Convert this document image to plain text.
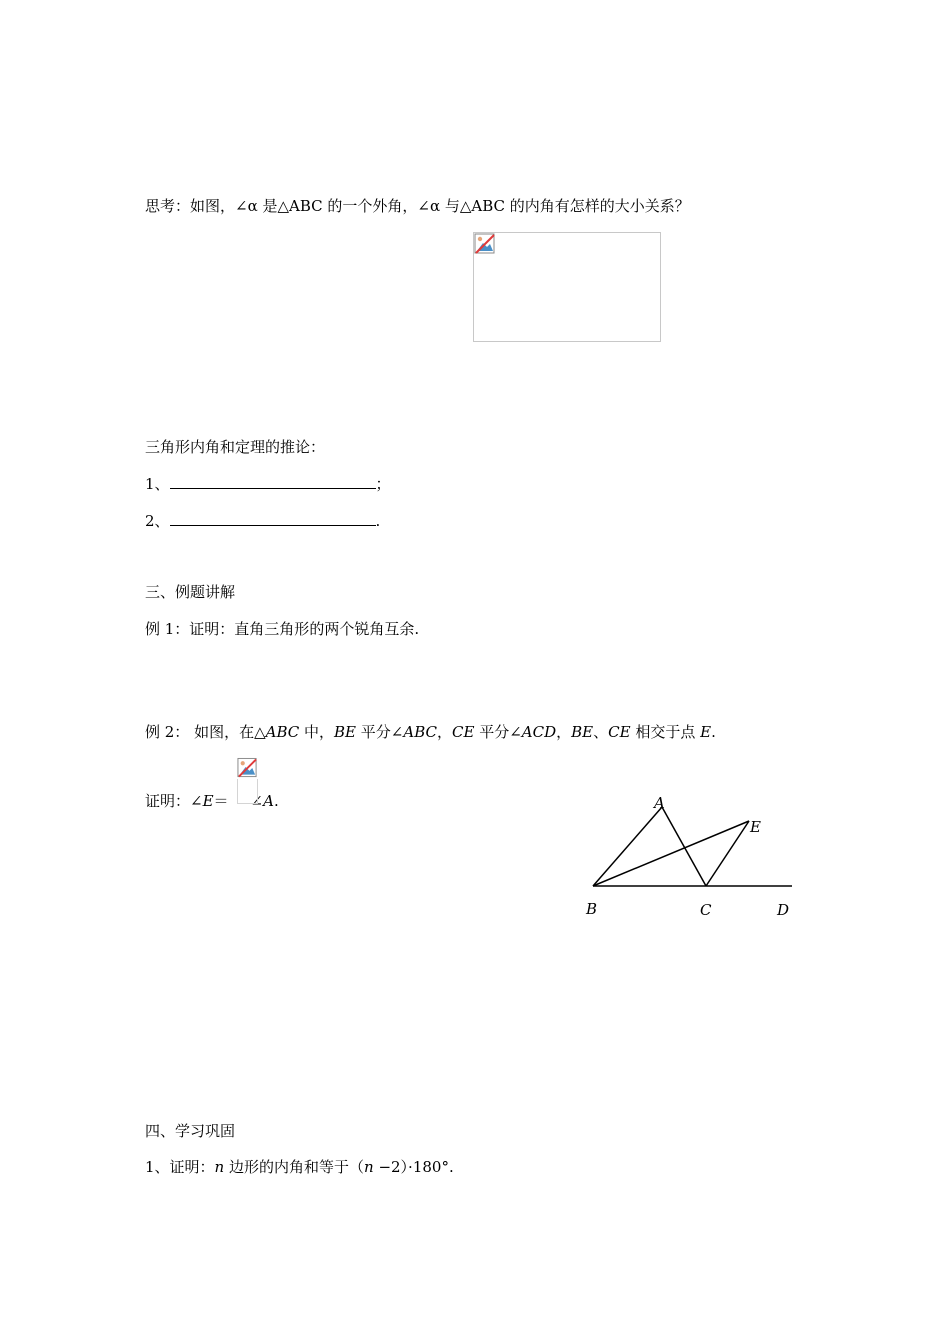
思考：如图，∠α 是△ABC 的一个外角，∠α 与△ABC 的内角有怎样的大小关系？
三角形内角和定理的推论：
1、	；
2、	.
三、例题讲解
例 1：证明：直角三角形的两个锐角互余.
例 2： 如图，在△ABC 中，BE 平分∠ABC，CE 平分∠ACD，BE、CE 相交于点 E.
证明：∠E＝ ∠A.	A
E
B	C	D
四、学习巩固
1、证明：n 边形的内角和等于（n −2）·180°.
